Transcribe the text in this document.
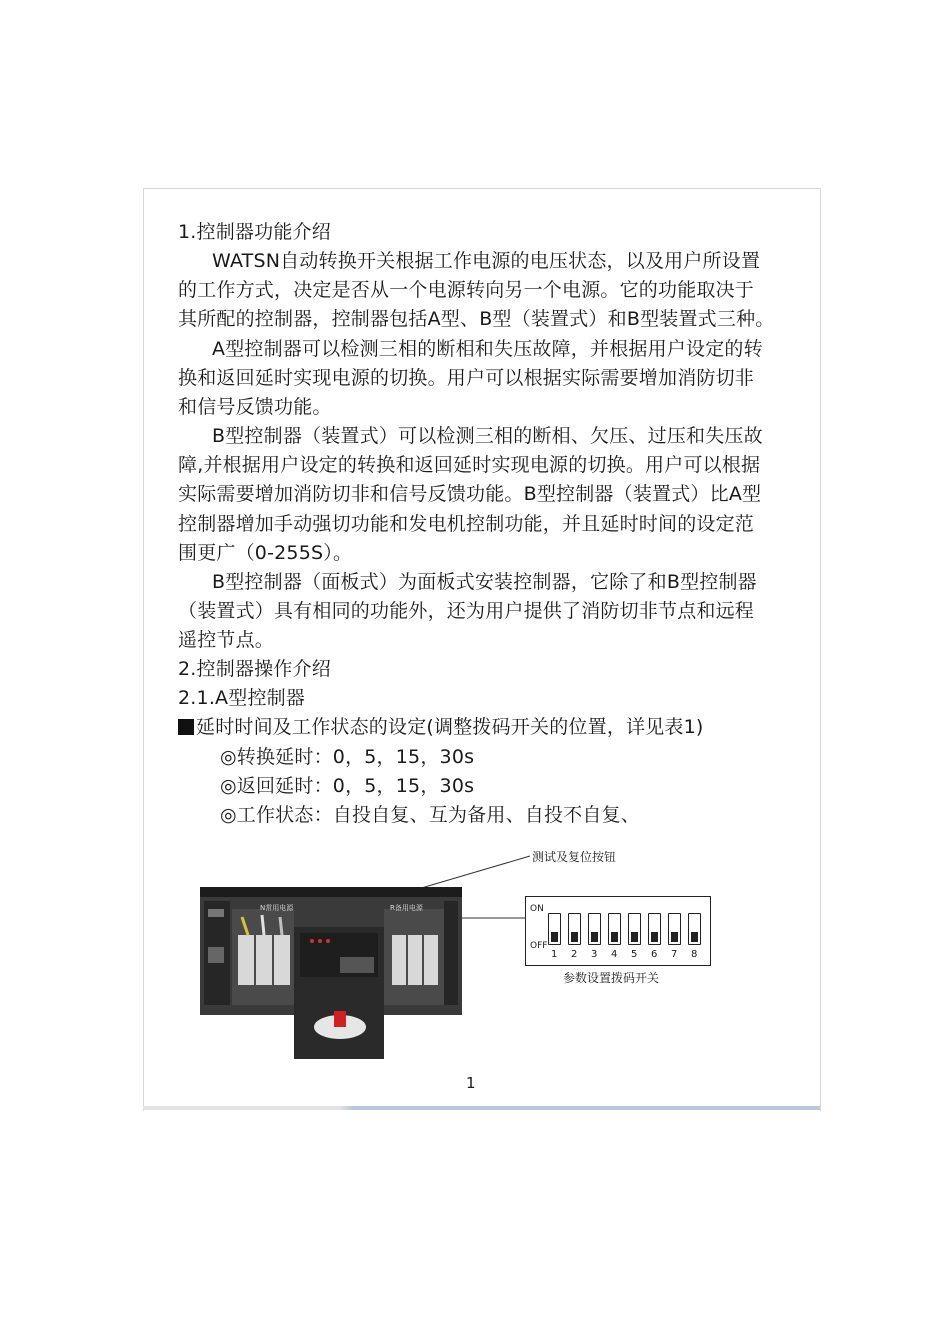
1.控制器功能介绍
WATSN自动转换开关根据工作电源的电压状态，以及用户所设置
的工作方式，决定是否从一个电源转向另一个电源。它的功能取决于
其所配的控制器，控制器包括A型、B型（装置式）和B型装置式三种。
A型控制器可以检测三相的断相和失压故障，并根据用户设定的转
换和返回延时实现电源的切换。用户可以根据实际需要增加消防切非
和信号反馈功能。
B型控制器（装置式）可以检测三相的断相、欠压、过压和失压故
障,并根据用户设定的转换和返回延时实现电源的切换。用户可以根据
实际需要增加消防切非和信号反馈功能。B型控制器（装置式）比A型
控制器增加手动强切功能和发电机控制功能，并且延时时间的设定范
围更广（0-255S）。
B型控制器（面板式）为面板式安装控制器，它除了和B型控制器
（装置式）具有相同的功能外，还为用户提供了消防切非节点和远程
遥控节点。
2.控制器操作介绍
2.1.A型控制器
延时时间及工作状态的设定(调整拨码开关的位置，详见表1)
◎转换延时：0，5，15，30s
◎返回延时：0，5，15，30s
◎工作状态：自投自复、互为备用、自投不自复、
测试及复位按钮
N常用电源	R备用电源	ON
OFF
1 2 3 4 5 6 7 8
参数设置拨码开关
1
